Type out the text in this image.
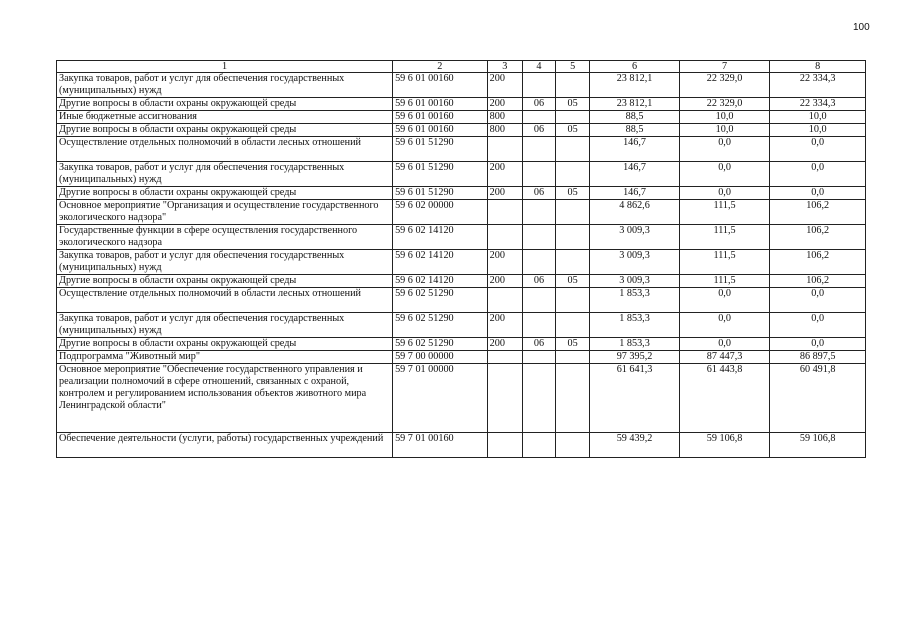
100
1	2	3	4	5	6	7	8
Закупка товаров, работ и услуг для обеспечения государственных (муниципальных) нужд	59 6 01 00160	200			23 812,1	22 329,0	22 334,3
Другие вопросы в области охраны окружающей среды	59 6 01 00160	200	06	05	23 812,1	22 329,0	22 334,3
Иные бюджетные ассигнования	59 6 01 00160	800			88,5	10,0	10,0
Другие вопросы в области охраны окружающей среды	59 6 01 00160	800	06	05	88,5	10,0	10,0
Осуществление отдельных полномочий в области лесных отношений	59 6 01 51290				146,7	0,0	0,0
Закупка товаров, работ и услуг для обеспечения государственных (муниципальных) нужд	59 6 01 51290	200			146,7	0,0	0,0
Другие вопросы в области охраны окружающей среды	59 6 01 51290	200	06	05	146,7	0,0	0,0
Основное мероприятие "Организация и осуществление государственного экологического надзора"	59 6 02 00000				4 862,6	111,5	106,2
Государственные функции в сфере осуществления государственного экологического надзора	59 6 02 14120				3 009,3	111,5	106,2
Закупка товаров, работ и услуг для обеспечения государственных (муниципальных) нужд	59 6 02 14120	200			3 009,3	111,5	106,2
Другие вопросы в области охраны окружающей среды	59 6 02 14120	200	06	05	3 009,3	111,5	106,2
Осуществление отдельных полномочий в области лесных отношений	59 6 02 51290				1 853,3	0,0	0,0
Закупка товаров, работ и услуг для обеспечения государственных (муниципальных) нужд	59 6 02 51290	200			1 853,3	0,0	0,0
Другие вопросы в области охраны окружающей среды	59 6 02 51290	200	06	05	1 853,3	0,0	0,0
Подпрограмма "Животный мир"	59 7 00 00000				97 395,2	87 447,3	86 897,5
Основное мероприятие "Обеспечение государственного управления и реализации полномочий в сфере отношений, связанных с охраной, контролем и регулированием использования объектов животного мира Ленинградской области"	59 7 01 00000				61 641,3	61 443,8	60 491,8
Обеспечение деятельности (услуги, работы) государственных учреждений	59 7 01 00160				59 439,2	59 106,8	59 106,8
